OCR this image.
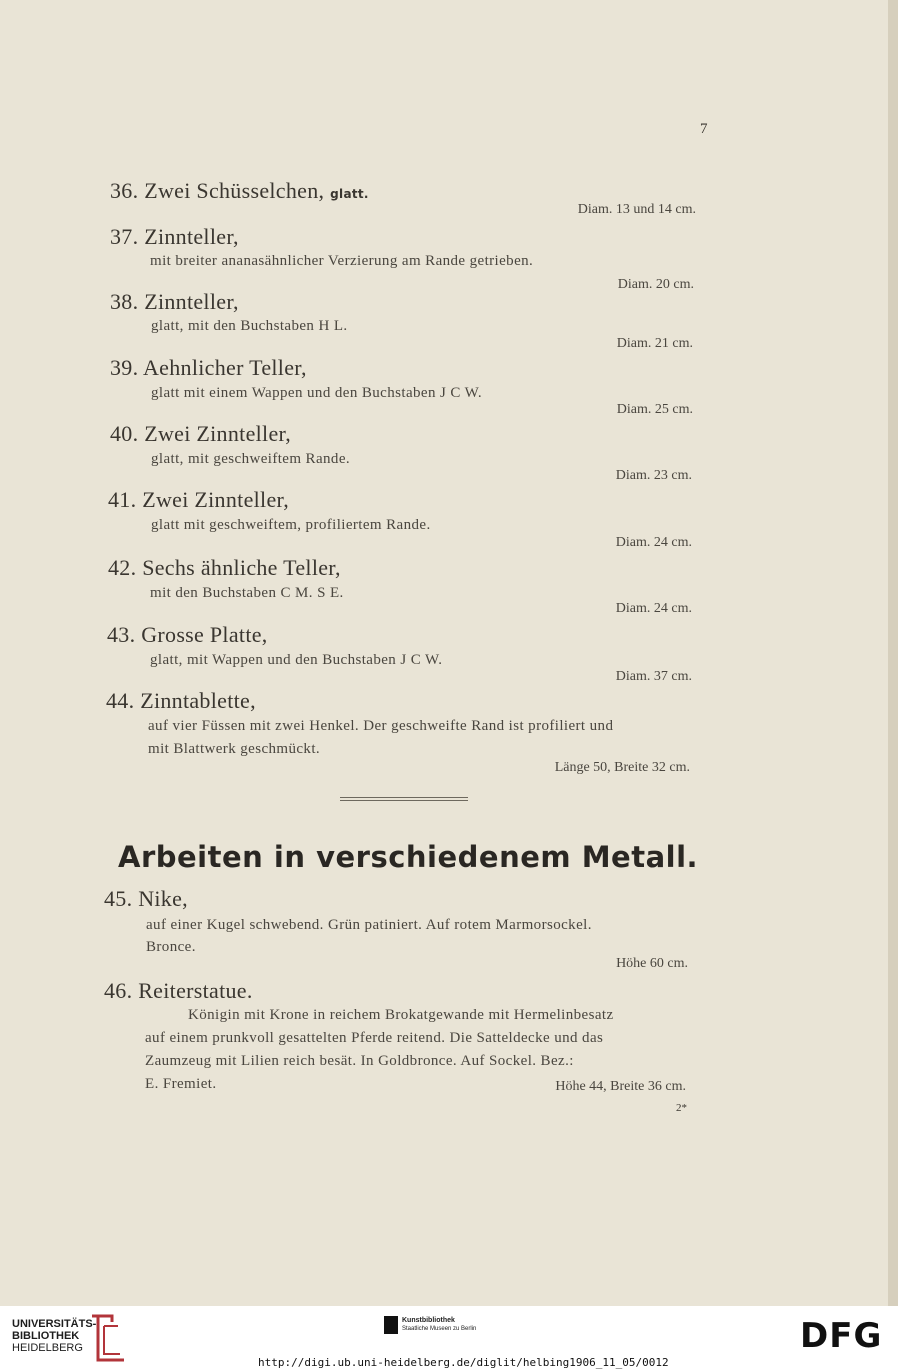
7
36. Zwei Schüsselchen, glatt.
Diam. 13 und 14 cm.
37. Zinnteller,
mit breiter ananasähnlicher Verzierung am Rande getrieben.
Diam. 20 cm.
38. Zinnteller,
glatt, mit den Buchstaben H L.
Diam. 21 cm.
39. Aehnlicher Teller,
glatt mit einem Wappen und den Buchstaben J C W.
Diam. 25 cm.
40. Zwei Zinnteller,
glatt, mit geschweiftem Rande.
Diam. 23 cm.
41. Zwei Zinnteller,
glatt mit geschweiftem, profiliertem Rande.
Diam. 24 cm.
42. Sechs ähnliche Teller,
mit den Buchstaben C M. S E.
Diam. 24 cm.
43. Grosse Platte,
glatt, mit Wappen und den Buchstaben J C W.
Diam. 37 cm.
44. Zinntablette,
auf vier Füssen mit zwei Henkel. Der geschweifte Rand ist profiliert und
mit Blattwerk geschmückt.
Länge 50, Breite 32 cm.
Arbeiten in verschiedenem Metall.
45. Nike,
auf einer Kugel schwebend. Grün patiniert. Auf rotem Marmorsockel.
Bronce.
Höhe 60 cm.
46. Reiterstatue.
Königin mit Krone in reichem Brokatgewande mit Hermelinbesatz
auf einem prunkvoll gesattelten Pferde reitend. Die Satteldecke und das
Zaumzeug mit Lilien reich besät. In Goldbronce. Auf Sockel. Bez.:
E. Fremiet.	Höhe 44, Breite 36 cm.
2*
UNIVERSITÄTS-
BIBLIOTHEK
HEIDELBERG
Kunstbibliothek
Staatliche Museen zu Berlin	DFG
http://digi.ub.uni-heidelberg.de/diglit/helbing1906_11_05/0012
